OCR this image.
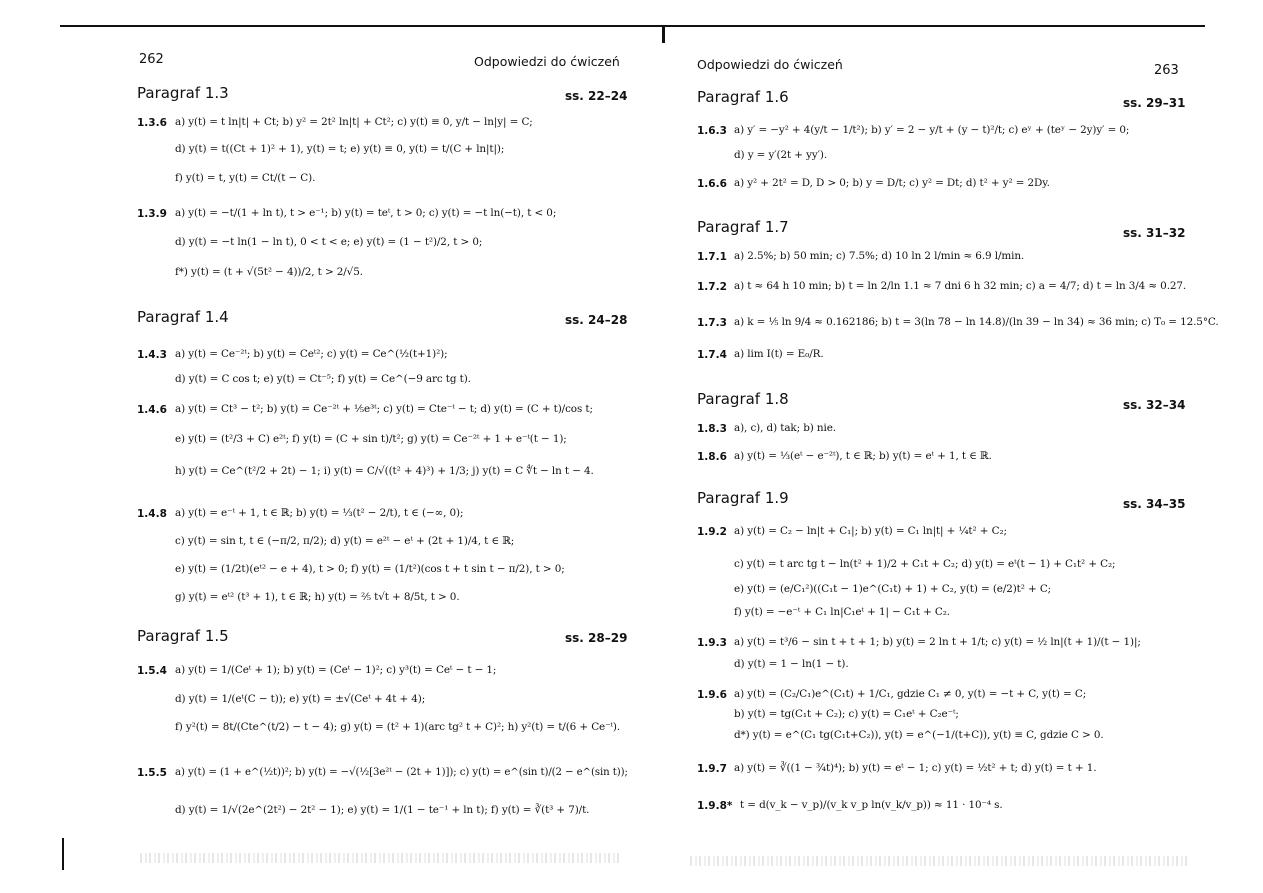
262	Odpowiedzi do ćwiczeń
Paragraf 1.3	ss. 22–24
1.3.6 a) y(t) = t ln|t| + Ct; b) y² = 2t² ln|t| + Ct²; c) y(t) ≡ 0, y/t − ln|y| = C;
d) y(t) = t((Ct + 1)² + 1), y(t) = t; e) y(t) ≡ 0, y(t) = t/(C + ln|t|);
f) y(t) = t, y(t) = Ct/(t − C).
1.3.9 a) y(t) = −t/(1 + ln t), t > e⁻¹; b) y(t) = teᵗ, t > 0; c) y(t) = −t ln(−t), t < 0;
d) y(t) = −t ln(1 − ln t), 0 < t < e; e) y(t) = (1 − t²)/2, t > 0;
f*) y(t) = (t + √(5t² − 4))/2, t > 2/√5.
Paragraf 1.4	ss. 24–28
1.4.3 a) y(t) = Ce⁻²ᵗ; b) y(t) = Ceᵗ²; c) y(t) = Ce^(½(t+1)²);
d) y(t) = C cos t; e) y(t) = Ct⁻⁵; f) y(t) = Ce^(−9 arc tg t).
1.4.6 a) y(t) = Ct³ − t²; b) y(t) = Ce⁻²ᵗ + ⅕e³ᵗ; c) y(t) = Cte⁻ᵗ − t; d) y(t) = (C + t)/cos t;
e) y(t) = (t²/3 + C) e²ᵗ; f) y(t) = (C + sin t)/t²; g) y(t) = Ce⁻²ᵗ + 1 + e⁻ᵗ(t − 1);
h) y(t) = Ce^(t²/2 + 2t) − 1; i) y(t) = C/√((t² + 4)³) + 1/3; j) y(t) = C ∜t − ln t − 4.
1.4.8 a) y(t) = e⁻ᵗ + 1, t ∈ ℝ; b) y(t) = ⅓(t² − 2/t), t ∈ (−∞, 0);
c) y(t) = sin t, t ∈ (−π/2, π/2); d) y(t) = e²ᵗ − eᵗ + (2t + 1)/4, t ∈ ℝ;
e) y(t) = (1/2t)(eᵗ² − e + 4), t > 0; f) y(t) = (1/t²)(cos t + t sin t − π/2), t > 0;
g) y(t) = eᵗ² (t³ + 1), t ∈ ℝ; h) y(t) = ⅖ t√t + 8/5t, t > 0.
Paragraf 1.5	ss. 28–29
1.5.4 a) y(t) = 1/(Ceᵗ + 1); b) y(t) = (Ceᵗ − 1)²; c) y³(t) = Ceᵗ − t − 1;
d) y(t) = 1/(eᵗ(C − t)); e) y(t) = ±√(Ceᵗ + 4t + 4);
f) y²(t) = 8t/(Cte^(t/2) − t − 4); g) y(t) = (t² + 1)(arc tg² t + C)²; h) y²(t) = t/(6 + Ce⁻ᵗ).
1.5.5 a) y(t) = (1 + e^(½t))²; b) y(t) = −√(½[3e²ᵗ − (2t + 1)]); c) y(t) = e^(sin t)/(2 − e^(sin t));
d) y(t) = 1/√(2e^(2t²) − 2t² − 1); e) y(t) = 1/(1 − te⁻¹ + ln t); f) y(t) = ∛(t³ + 7)/t.
Odpowiedzi do ćwiczeń	263
Paragraf 1.6	ss. 29–31
1.6.3 a) y′ = −y² + 4(y/t − 1/t²); b) y′ = 2 − y/t + (y − t)²/t; c) eʸ + (teʸ − 2y)y′ = 0;
d) y = y′(2t + yy′).
1.6.6 a) y² + 2t² = D, D > 0; b) y = D/t; c) y² = Dt; d) t² + y² = 2Dy.
Paragraf 1.7	ss. 31–32
1.7.1 a) 2.5%; b) 50 min; c) 7.5%; d) 10 ln 2 l/min ≈ 6.9 l/min.
1.7.2 a) t ≈ 64 h 10 min; b) t = ln 2/ln 1.1 ≈ 7 dni 6 h 32 min; c) a = 4/7; d) t = ln 3/4 ≈ 0.27.
1.7.3 a) k = ⅕ ln 9/4 ≈ 0.162186; b) t = 3(ln 78 − ln 14.8)/(ln 39 − ln 34) ≈ 36 min; c) T₀ = 12.5°C.
1.7.4 a) lim I(t) = E₀/R.
Paragraf 1.8	ss. 32–34
1.8.3 a), c), d) tak; b) nie.
1.8.6 a) y(t) = ⅓(eᵗ − e⁻²ᵗ), t ∈ ℝ; b) y(t) = eᵗ + 1, t ∈ ℝ.
Paragraf 1.9	ss. 34–35
1.9.2 a) y(t) = C₂ − ln|t + C₁|; b) y(t) = C₁ ln|t| + ¼t² + C₂;
c) y(t) = t arc tg t − ln(t² + 1)/2 + C₁t + C₂; d) y(t) = eᵗ(t − 1) + C₁t² + C₂;
e) y(t) = (e/C₁²)((C₁t − 1)e^(C₁t) + 1) + C₂, y(t) = (e/2)t² + C;
f) y(t) = −e⁻ᵗ + C₁ ln|C₁eᵗ + 1| − C₁t + C₂.
1.9.3 a) y(t) = t³/6 − sin t + t + 1; b) y(t) = 2 ln t + 1/t; c) y(t) = ½ ln|(t + 1)/(t − 1)|;
d) y(t) = 1 − ln(1 − t).
1.9.6 a) y(t) = (C₂/C₁)e^(C₁t) + 1/C₁, gdzie C₁ ≠ 0, y(t) = −t + C, y(t) = C;
b) y(t) = tg(C₁t + C₂); c) y(t) = C₁eᵗ + C₂e⁻ᵗ;
d*) y(t) = e^(C₁ tg(C₁t+C₂)), y(t) = e^(−1/(t+C)), y(t) ≡ C, gdzie C > 0.
1.9.7 a) y(t) = ∛((1 − ¾t)⁴); b) y(t) = eᵗ − 1; c) y(t) = ½t² + t; d) y(t) = t + 1.
1.9.8* t = d(v_k − v_p)/(v_k v_p ln(v_k/v_p)) ≈ 11 · 10⁻⁴ s.
